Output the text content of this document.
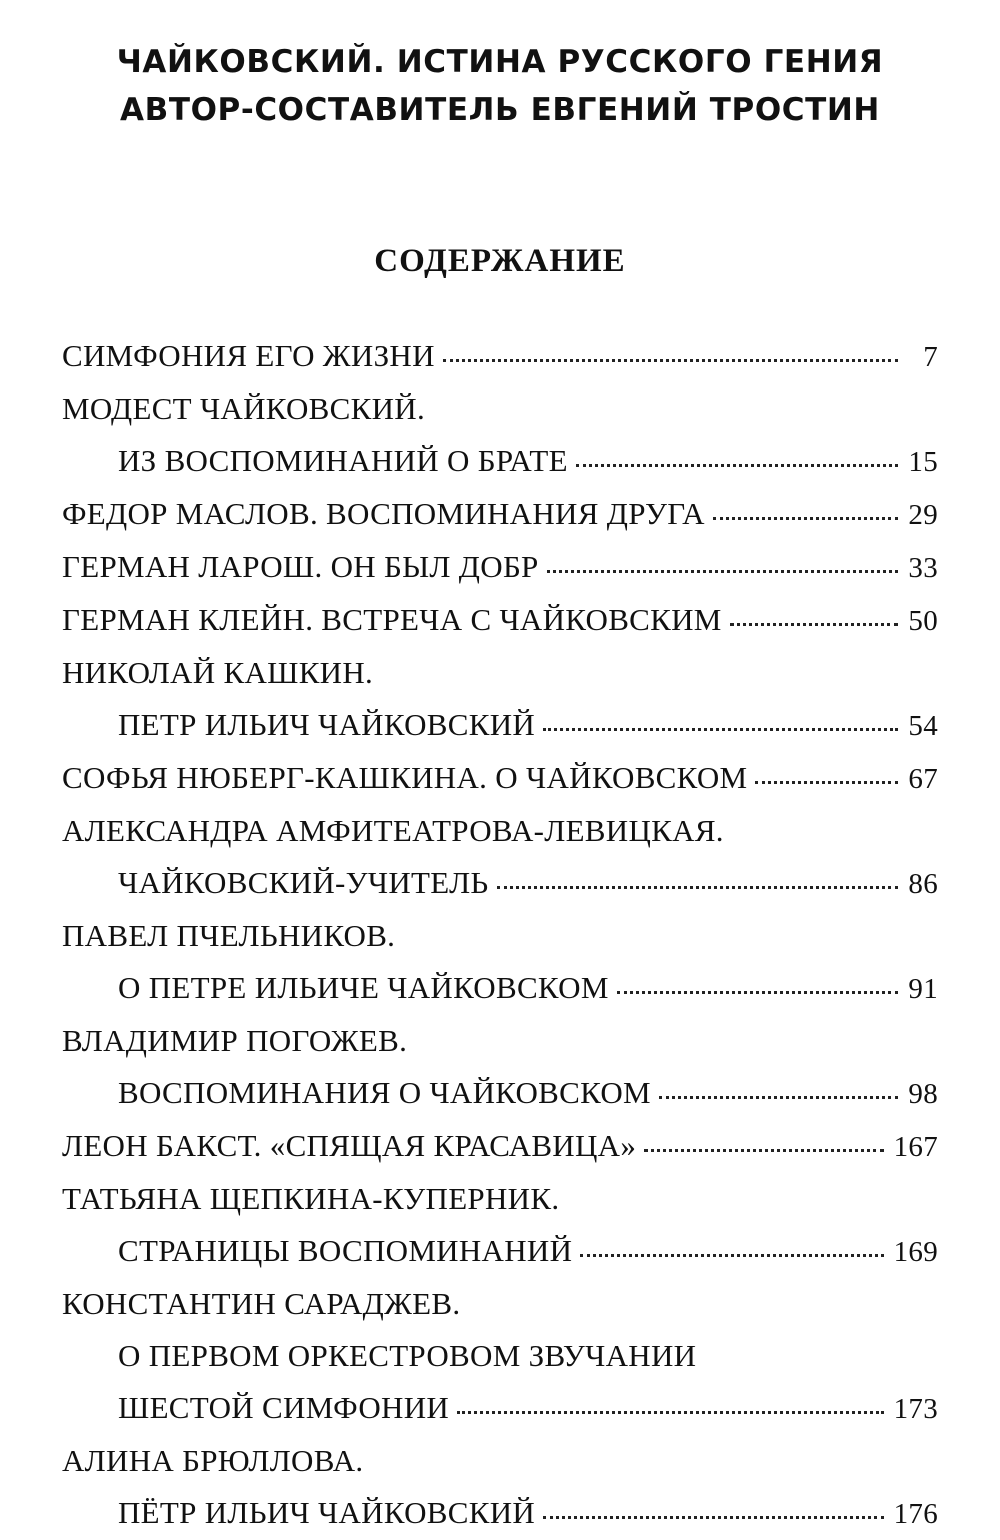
ЧАЙКОВСКИЙ. ИСТИНА РУССКОГО ГЕНИЯ
АВТОР-СОСТАВИТЕЛЬ ЕВГЕНИЙ ТРОСТИН
СОДЕРЖАНИЕ
СИМФОНИЯ ЕГО ЖИЗНИ	7
МОДЕСТ ЧАЙКОВСКИЙ.
ИЗ ВОСПОМИНАНИЙ О БРАТЕ	15
ФЕДОР МАСЛОВ. ВОСПОМИНАНИЯ ДРУГА	29
ГЕРМАН ЛАРОШ. ОН БЫЛ ДОБР	33
ГЕРМАН КЛЕЙН. ВСТРЕЧА С ЧАЙКОВСКИМ	50
НИКОЛАЙ КАШКИН.
ПЕТР ИЛЬИЧ ЧАЙКОВСКИЙ	54
СОФЬЯ НЮБЕРГ-КАШКИНА. О ЧАЙКОВСКОМ	67
АЛЕКСАНДРА АМФИТЕАТРОВА-ЛЕВИЦКАЯ.
ЧАЙКОВСКИЙ-УЧИТЕЛЬ	86
ПАВЕЛ ПЧЕЛЬНИКОВ.
О ПЕТРЕ ИЛЬИЧЕ ЧАЙКОВСКОМ	91
ВЛАДИМИР ПОГОЖЕВ.
ВОСПОМИНАНИЯ О ЧАЙКОВСКОМ	98
ЛЕОН БАКСТ. «СПЯЩАЯ КРАСАВИЦА»	167
ТАТЬЯНА ЩЕПКИНА-КУПЕРНИК.
СТРАНИЦЫ ВОСПОМИНАНИЙ	169
КОНСТАНТИН САРАДЖЕВ.
О ПЕРВОМ ОРКЕСТРОВОМ ЗВУЧАНИИ
ШЕСТОЙ СИМФОНИИ	173
АЛИНА БРЮЛЛОВА.
ПЁТР ИЛЬИЧ ЧАЙКОВСКИЙ	176
